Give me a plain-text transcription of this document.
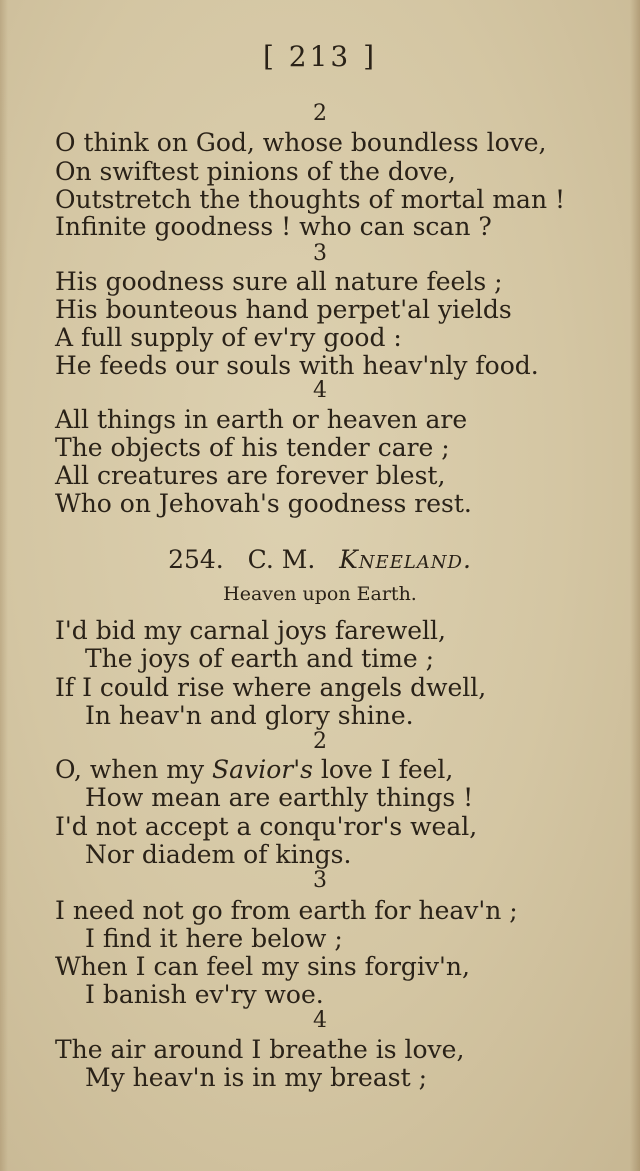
[ 213 ]
2
O think on God, whose boundless love,
On swiftest pinions of the dove,
Outstretch the thoughts of mortal man !
Infinite goodness ! who can scan ?
3
His goodness sure all nature feels ;
His bounteous hand perpet'al yields
A full supply of ev'ry good :
He feeds our souls with heav'nly food.
4
All things in earth or heaven are
The objects of his tender care ;
All creatures are forever blest,
Who on Jehovah's goodness rest.
254. C. M. Kneeland.
Heaven upon Earth.
I'd bid my carnal joys farewell,
The joys of earth and time ;
If I could rise where angels dwell,
In heav'n and glory shine.
2
O, when my Savior's love I feel,
How mean are earthly things !
I'd not accept a conqu'ror's weal,
Nor diadem of kings.
3
I need not go from earth for heav'n ;
I find it here below ;
When I can feel my sins forgiv'n,
I banish ev'ry woe.
4
The air around I breathe is love,
My heav'n is in my breast ;
